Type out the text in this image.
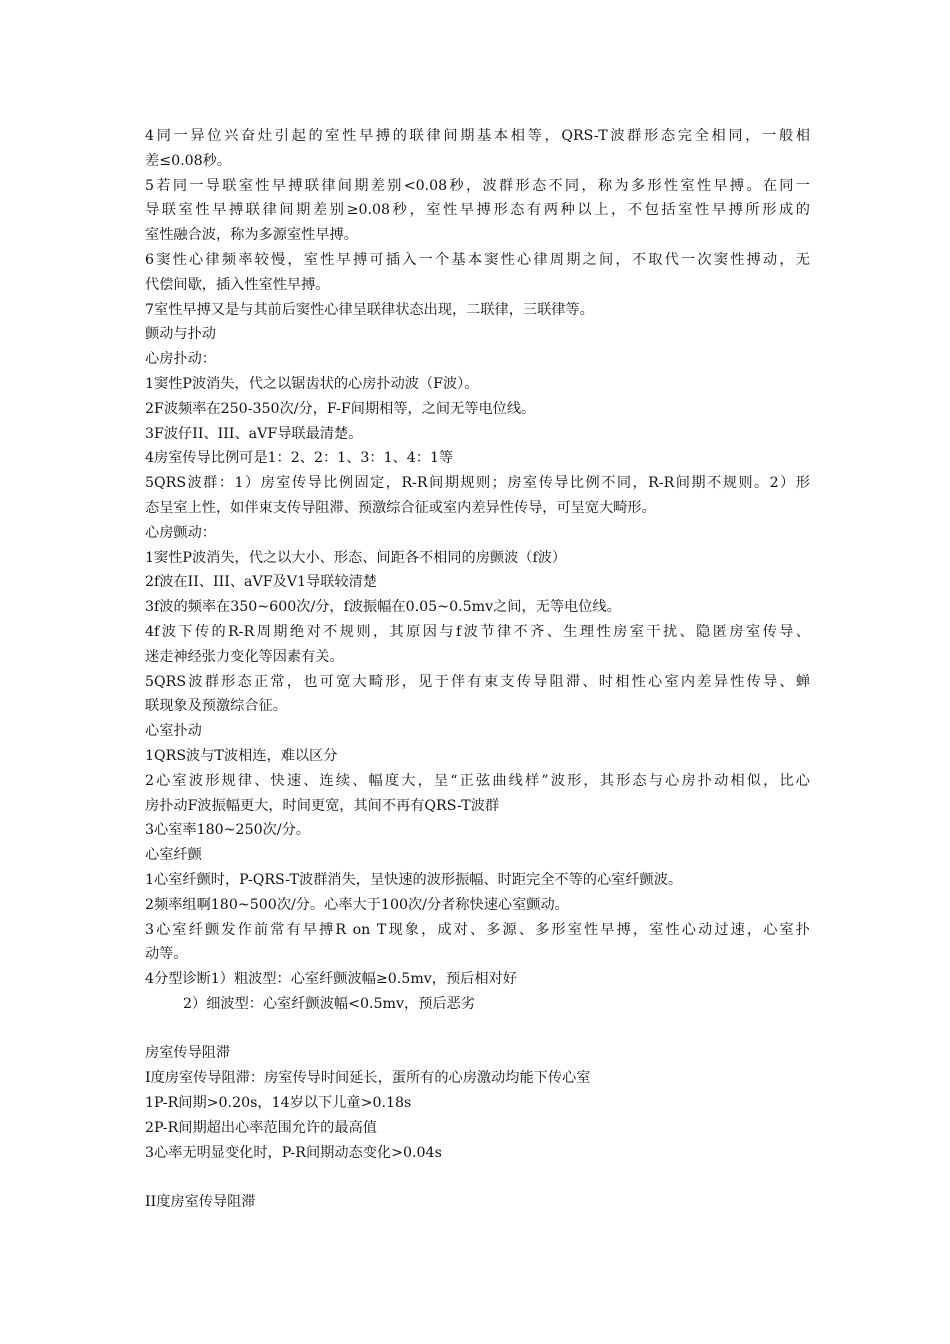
4同一异位兴奋灶引起的室性早搏的联律间期基本相等，QRS-T波群形态完全相同，一般相
差≤0.08秒。
5若同一导联室性早搏联律间期差别<0.08秒，波群形态不同，称为多形性室性早搏。在同一
导联室性早搏联律间期差别≥0.08秒，室性早搏形态有两种以上，不包括室性早搏所形成的
室性融合波，称为多源室性早搏。
6窦性心律频率较慢，室性早搏可插入一个基本窦性心律周期之间，不取代一次窦性搏动，无
代偿间歇，插入性室性早搏。
7室性早搏又是与其前后窦性心律呈联律状态出现，二联律，三联律等。
颤动与扑动
心房扑动：
1窦性P波消失，代之以锯齿状的心房扑动波（F波）。
2F波频率在250-350次/分，F-F间期相等，之间无等电位线。
3F波仔II、III、aVF导联最清楚。
4房室传导比例可是1：2、2：1、3：1、4：1等
5QRS波群：1）房室传导比例固定，R-R间期规则；房室传导比例不同，R-R间期不规则。2）形
态呈室上性，如伴束支传导阻滞、预激综合征或室内差异性传导，可呈宽大畸形。
心房颤动：
1窦性P波消失，代之以大小、形态、间距各不相同的房颤波（f波）
2f波在II、III、aVF及V1导联较清楚
3f波的频率在350~600次/分，f波振幅在0.05~0.5mv之间，无等电位线。
4f波下传的R-R周期绝对不规则，其原因与f波节律不齐、生理性房室干扰、隐匿房室传导、
迷走神经张力变化等因素有关。
5QRS波群形态正常，也可宽大畸形，见于伴有束支传导阻滞、时相性心室内差异性传导、蝉
联现象及预激综合征。
心室扑动
1QRS波与T波相连，难以区分
2心室波形规律、快速、连续、幅度大，呈“正弦曲线样”波形，其形态与心房扑动相似，比心
房扑动F波振幅更大，时间更宽，其间不再有QRS-T波群
3心室率180~250次/分。
心室纤颤
1心室纤颤时，P-QRS-T波群消失，呈快速的波形振幅、时距完全不等的心室纤颤波。
2频率组啊180~500次/分。心率大于100次/分者称快速心室颤动。
3心室纤颤发作前常有早搏R on T现象，成对、多源、多形室性早搏，室性心动过速，心室扑
动等。
4分型诊断1）粗波型：心室纤颤波幅≥0.5mv，预后相对好
2）细波型：心室纤颤波幅<0.5mv，预后恶劣
房室传导阻滞
I度房室传导阻滞：房室传导时间延长，蛋所有的心房激动均能下传心室
1P-R间期>0.20s，14岁以下儿童>0.18s
2P-R间期超出心率范围允许的最高值
3心率无明显变化时，P-R间期动态变化>0.04s
II度房室传导阻滞
